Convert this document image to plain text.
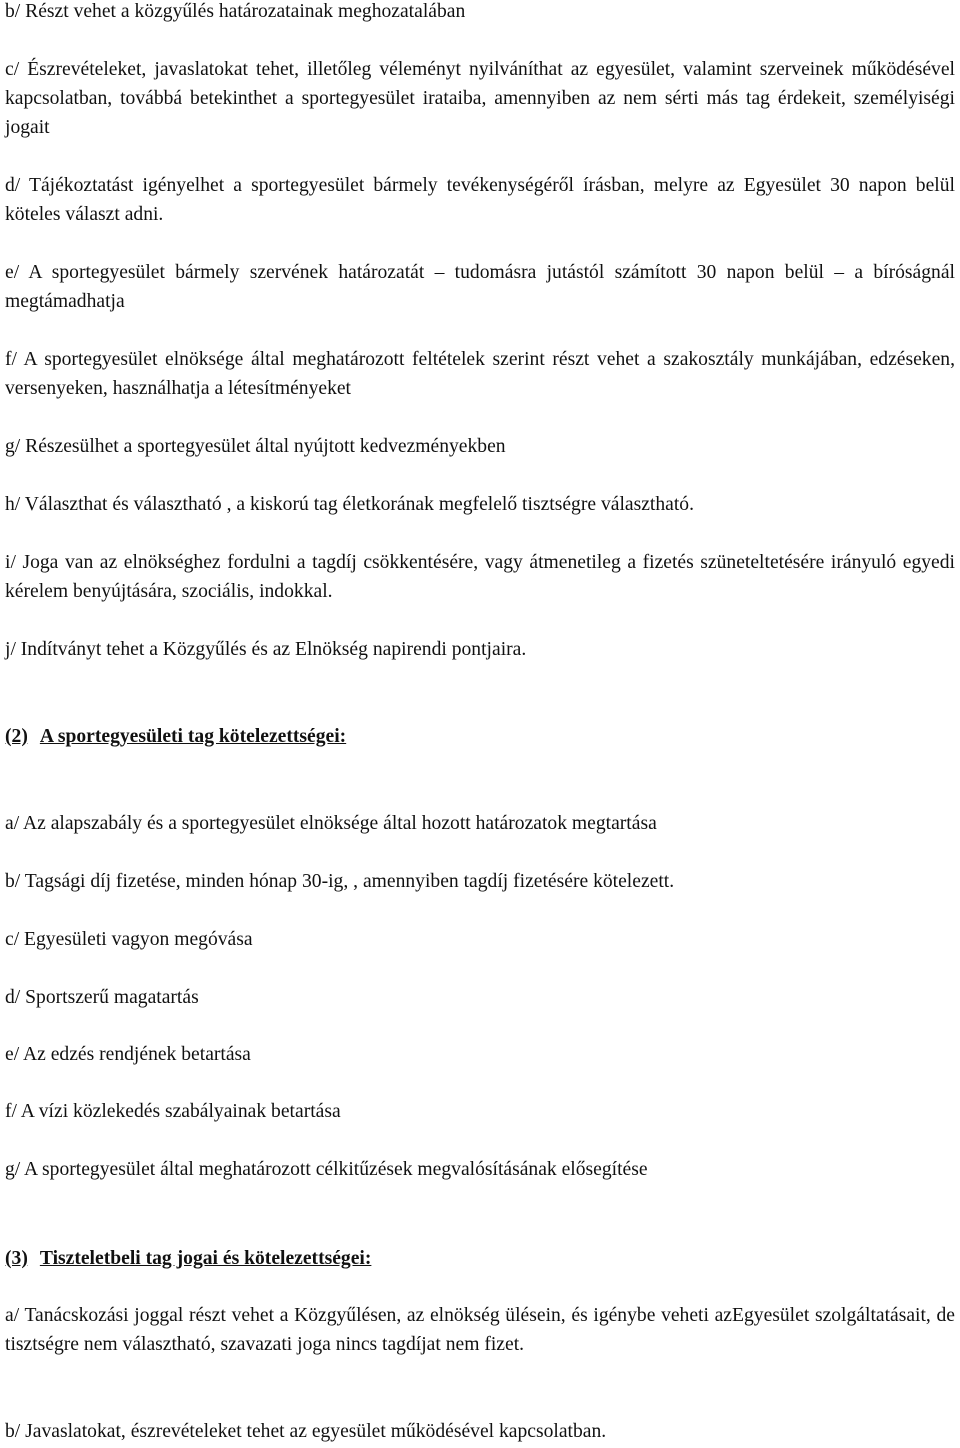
b/ Részt vehet a közgyűlés határozatainak meghozatalában

c/ Észrevételeket, javaslatokat tehet, illetőleg véleményt nyilváníthat az egyesület, valamint szerveinek működésével kapcsolatban, továbbá betekinthet a sportegyesület irataiba, amennyiben az nem sérti más tag érdekeit, személyiségi jogait

d/ Tájékoztatást igényelhet a sportegyesület bármely tevékenységéről írásban, melyre az Egyesület 30 napon belül köteles választ adni.

e/ A sportegyesület bármely szervének határozatát – tudomásra jutástól számított 30 napon belül – a bíróságnál megtámadhatja

f/ A sportegyesület elnöksége által meghatározott feltételek szerint részt vehet a szakosztály munkájában, edzéseken, versenyeken, használhatja a létesítményeket

g/ Részesülhet a sportegyesület által nyújtott kedvezményekben

h/ Választhat és választható , a kiskorú tag életkorának megfelelő tisztségre választható.

i/ Joga van az elnökséghez fordulni a tagdíj csökkentésére, vagy átmenetileg a fizetés szüneteltetésére irányuló egyedi kérelem benyújtására, szociális, indokkal.

j/ Indítványt tehet a Közgyűlés és az Elnökség napirendi pontjaira.

(2) A sportegyesületi tag kötelezettségei:

a/ Az alapszabály és a sportegyesület elnöksége által hozott határozatok megtartása

b/ Tagsági díj fizetése, minden hónap 30-ig, , amennyiben tagdíj fizetésére kötelezett.

c/ Egyesületi vagyon megóvása

d/ Sportszerű magatartás

e/ Az edzés rendjének betartása

f/ A vízi közlekedés szabályainak betartása

g/ A sportegyesület által meghatározott célkitűzések megvalósításának elősegítése

(3) Tiszteletbeli tag jogai és kötelezettségei:

a/ Tanácskozási joggal részt vehet a Közgyűlésen, az elnökség ülésein, és igénybe veheti azEgyesület szolgáltatásait, de tisztségre nem választható, szavazati joga nincs tagdíjat nem fizet.

b/ Javaslatokat, észrevételeket tehet az egyesület működésével kapcsolatban.
